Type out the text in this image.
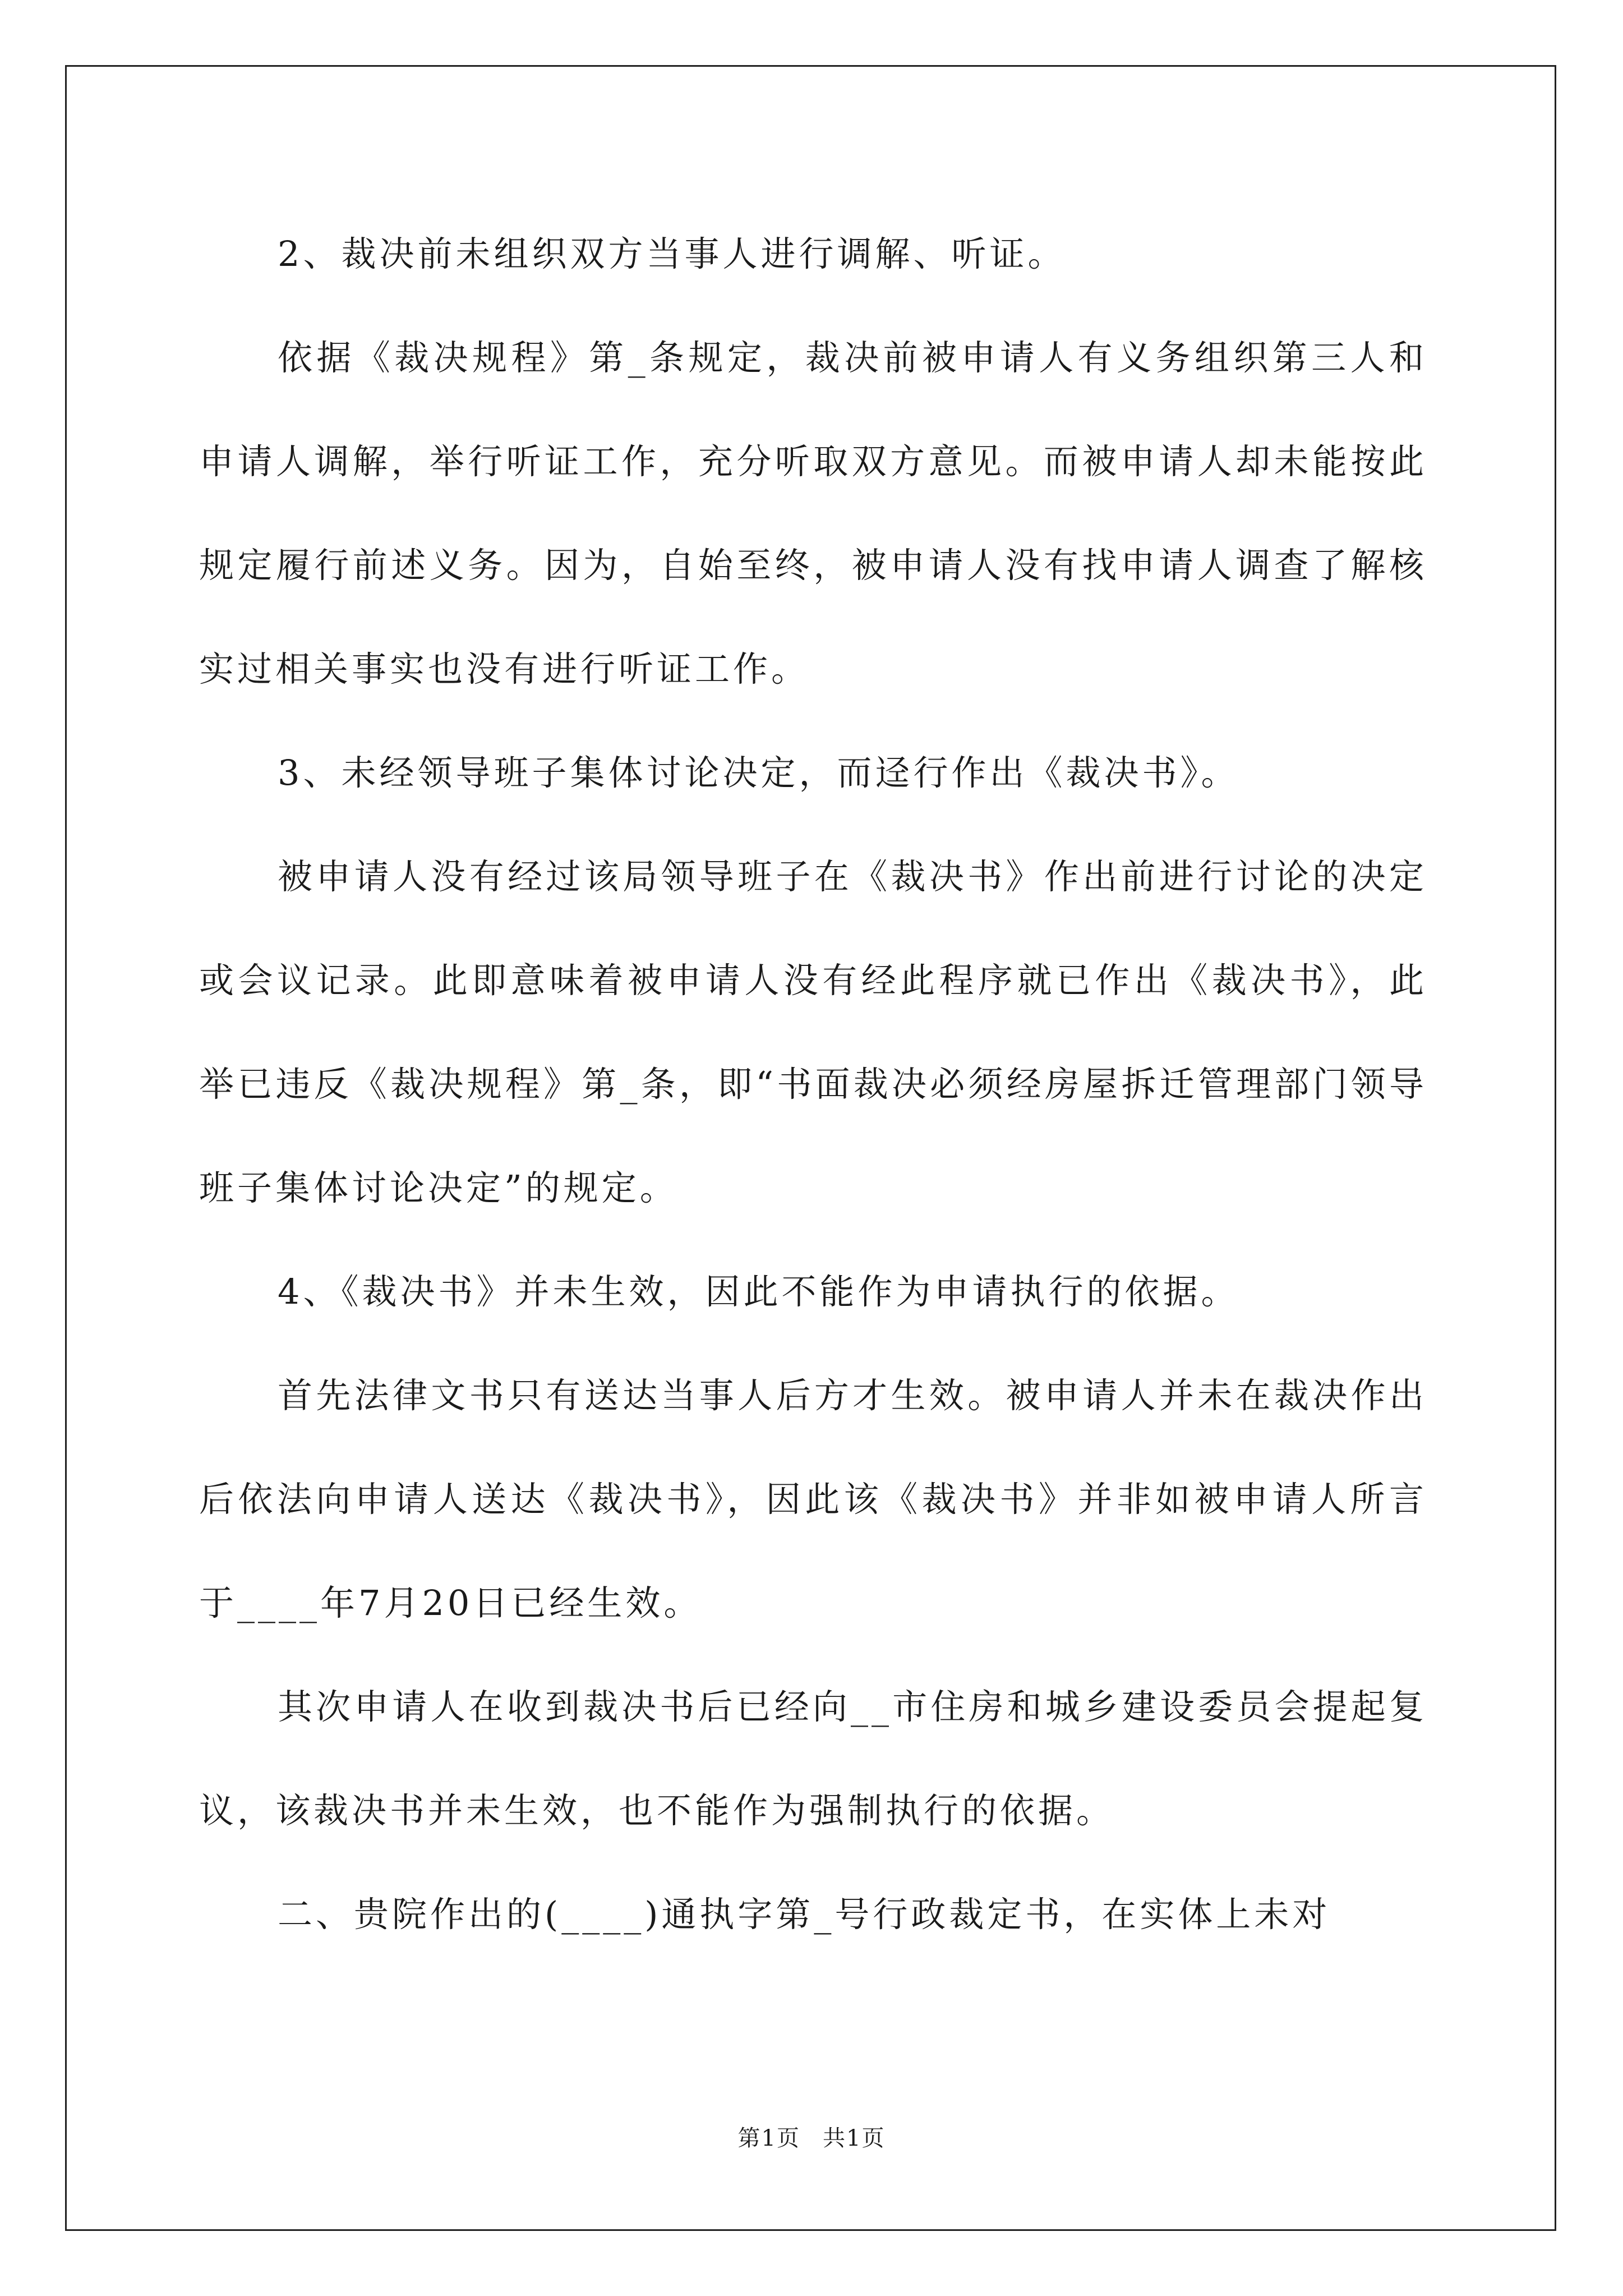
2、裁决前未组织双方当事人进行调解、听证。

依据《裁决规程》第_条规定，裁决前被申请人有义务组织第三人和申请人调解，举行听证工作，充分听取双方意见。而被申请人却未能按此规定履行前述义务。因为，自始至终，被申请人没有找申请人调查了解核实过相关事实也没有进行听证工作。

3、未经领导班子集体讨论决定，而迳行作出《裁决书》。

被申请人没有经过该局领导班子在《裁决书》作出前进行讨论的决定或会议记录。此即意味着被申请人没有经此程序就已作出《裁决书》，此举已违反《裁决规程》第_条，即“书面裁决必须经房屋拆迁管理部门领导班子集体讨论决定”的规定。

4、《裁决书》并未生效，因此不能作为申请执行的依据。

首先法律文书只有送达当事人后方才生效。被申请人并未在裁决作出后依法向申请人送达《裁决书》，因此该《裁决书》并非如被申请人所言于____年7月20日已经生效。

其次申请人在收到裁决书后已经向__市住房和城乡建设委员会提起复议，该裁决书并未生效，也不能作为强制执行的依据。

二、贵院作出的(____)通执字第_号行政裁定书，在实体上未对

第1页 共1页
